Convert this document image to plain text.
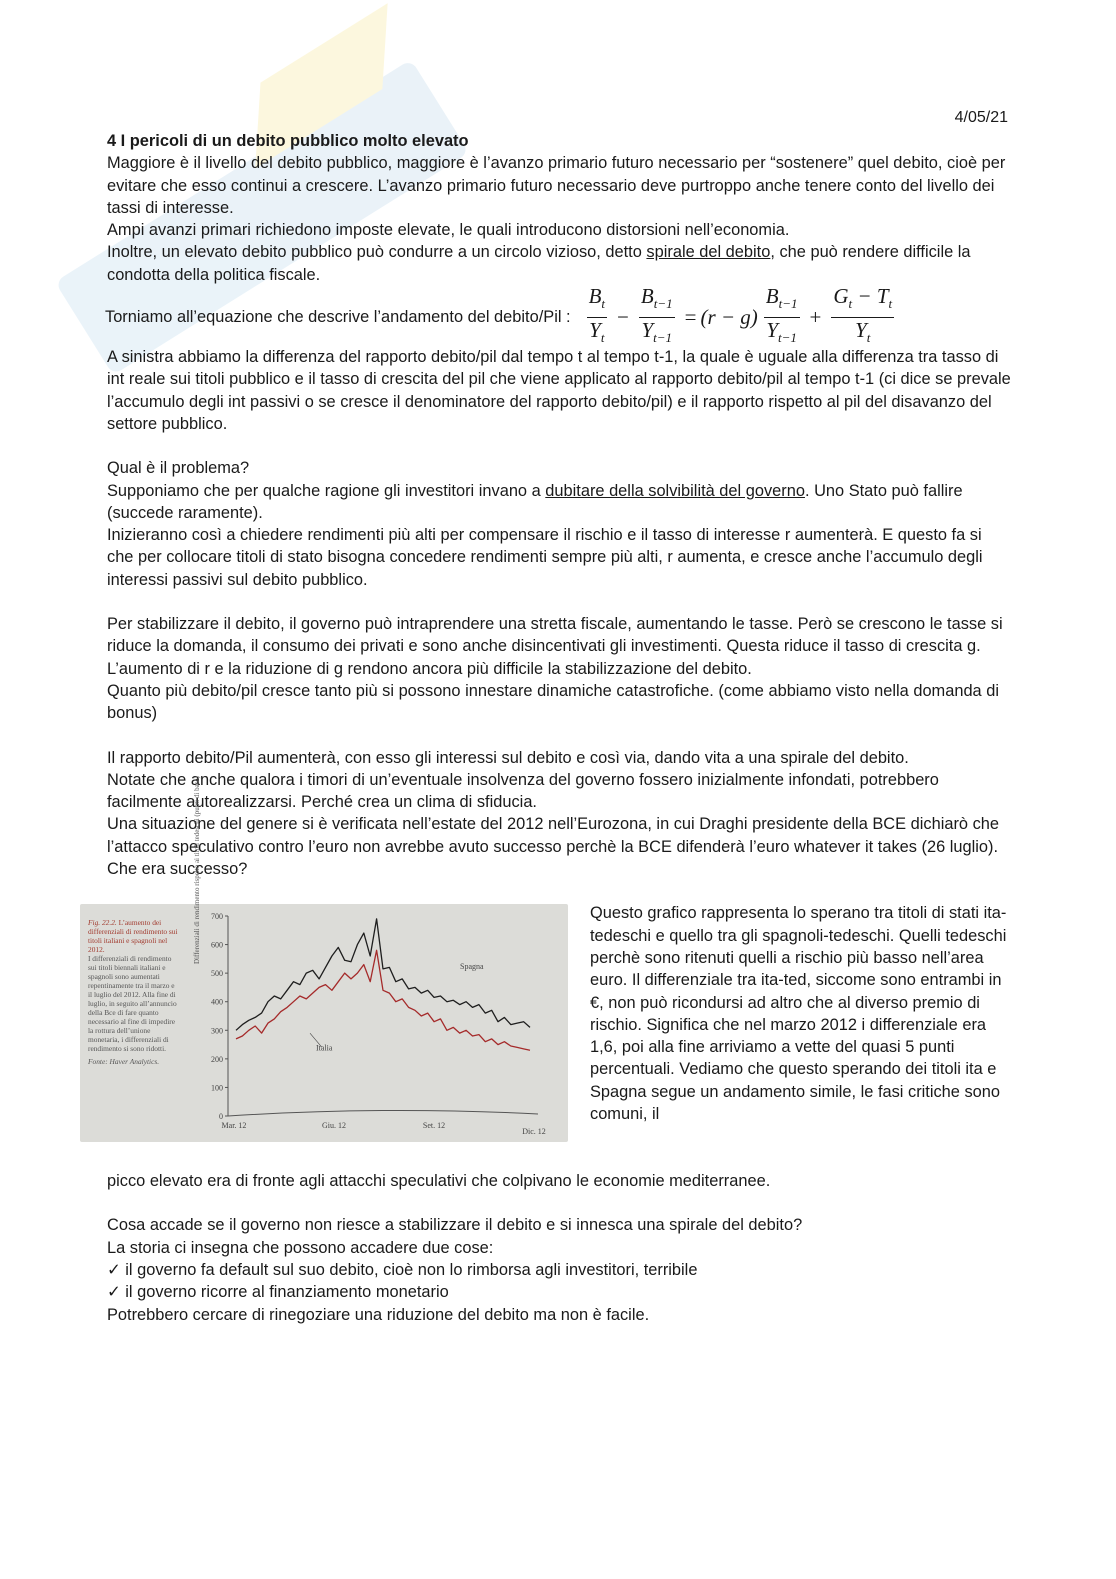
4/05/21

4 I pericoli di un debito pubblico molto elevato

Maggiore è il livello del debito pubblico, maggiore è l’avanzo primario futuro necessario per “sostenere” quel debito, cioè per evitare che esso continui a crescere. L’avanzo primario futuro necessario deve purtroppo anche tenere conto del livello dei tassi di interesse.

Ampi avanzi primari richiedono imposte elevate, le quali introducono distorsioni nell’economia.

Inoltre, un elevato debito pubblico può condurre a un circolo vizioso, detto spirale del debito, che può rendere difficile la condotta della politica fiscale.

Torniamo all’equazione che descrive l’andamento del debito/Pil : $\frac{B_t}{Y_t} - \frac{B_{t-1}}{Y_{t-1}} = (r - g) \frac{B_{t-1}}{Y_{t-1}} + \frac{G_t - T_t}{Y_t}$

A sinistra abbiamo la differenza del rapporto debito/pil dal tempo t al tempo t-1, la quale è uguale alla differenza tra tasso di int reale sui titoli pubblico e il tasso di crescita del pil che viene applicato al rapporto debito/pil al tempo t-1 (ci dice se prevale l’accumulo degli int passivi o se cresce il denominatore del rapporto debito/pil) e il rapporto rispetto al pil del disavanzo del settore pubblico.

Qual è il problema?

Supponiamo che per qualche ragione gli investitori invano a dubitare della solvibilità del governo. Uno Stato può fallire (succede raramente).

Inizieranno così a chiedere rendimenti più alti per compensare il rischio e il tasso di interesse r aumenterà. E questo fa si che per collocare titoli di stato bisogna concedere rendimenti sempre più alti, r aumenta, e cresce anche l’accumulo degli interessi passivi sul debito pubblico.

Per stabilizzare il debito, il governo può intraprendere una stretta fiscale, aumentando le tasse. Però se crescono le tasse si riduce la domanda, il consumo dei privati e sono anche disincentivati gli investimenti. Questa riduce il tasso di crescita g. L’aumento di r e la riduzione di g rendono ancora più difficile la stabilizzazione del debito.

Quanto più debito/pil cresce tanto più si possono innestare dinamiche catastrofiche. (come abbiamo visto nella domanda di bonus)

Il rapporto debito/Pil aumenterà, con esso gli interessi sul debito e così via, dando vita a una spirale del debito.

Notate che anche qualora i timori di un’eventuale insolvenza del governo fossero inizialmente infondati, potrebbero facilmente autorealizzarsi. Perché crea un clima di sfiducia.

Una situazione del genere si è verificata nell’estate del 2012 nell’Eurozona, in cui Draghi presidente della BCE dichiarò che l’attacco speculativo contro l’euro non avrebbe avuto successo perchè la BCE difenderà l’euro whatever it takes (26 luglio). Che era successo?

Fig. 22.2. L’aumento dei differenziali di rendimento sui titoli italiani e spagnoli nel 2012.
I differenziali di rendimento sui titoli biennali italiani e spagnoli sono aumentati repentinamente tra il marzo e il luglio del 2012. Alla fine di luglio, in seguito all’annuncio della Bce di fare quanto necessario al fine di impedire la rottura dell’unione monetaria, i differenziali di rendimento si sono ridotti.
Fonte: Haver Analytics.
Differenziali di rendimento rispetto ai titoli tedeschi (punti di base)
0
100
200
300
400
500
600
700
Mar. 12	Giu. 12	Set. 12
Dic. 12
Spagna
Italia
Questo grafico rappresenta lo sperano tra titoli di stati ita-tedeschi e quello tra gli spagnoli-tedeschi. Quelli tedeschi perchè sono ritenuti quelli a rischio più basso nell’area euro. Il differenziale tra ita-ted, siccome sono entrambi in €, non può ricondursi ad altro che al diverso premio di rischio. Significa che nel marzo 2012 i differenziale era 1,6, poi alla fine arriviamo a vette del quasi 5 punti percentuali. Vediamo che questo sperando dei titoli ita e Spagna segue un andamento simile, le fasi critiche sono comuni, il

picco elevato era di fronte agli attacchi speculativi che colpivano le economie mediterranee.

Cosa accade se il governo non riesce a stabilizzare il debito e si innesca una spirale del debito?

La storia ci insegna che possono accadere due cose:

✓ il governo fa default sul suo debito, cioè non lo rimborsa agli investitori, terribile

✓ il governo ricorre al finanziamento monetario

Potrebbero cercare di rinegoziare una riduzione del debito ma non è facile.
